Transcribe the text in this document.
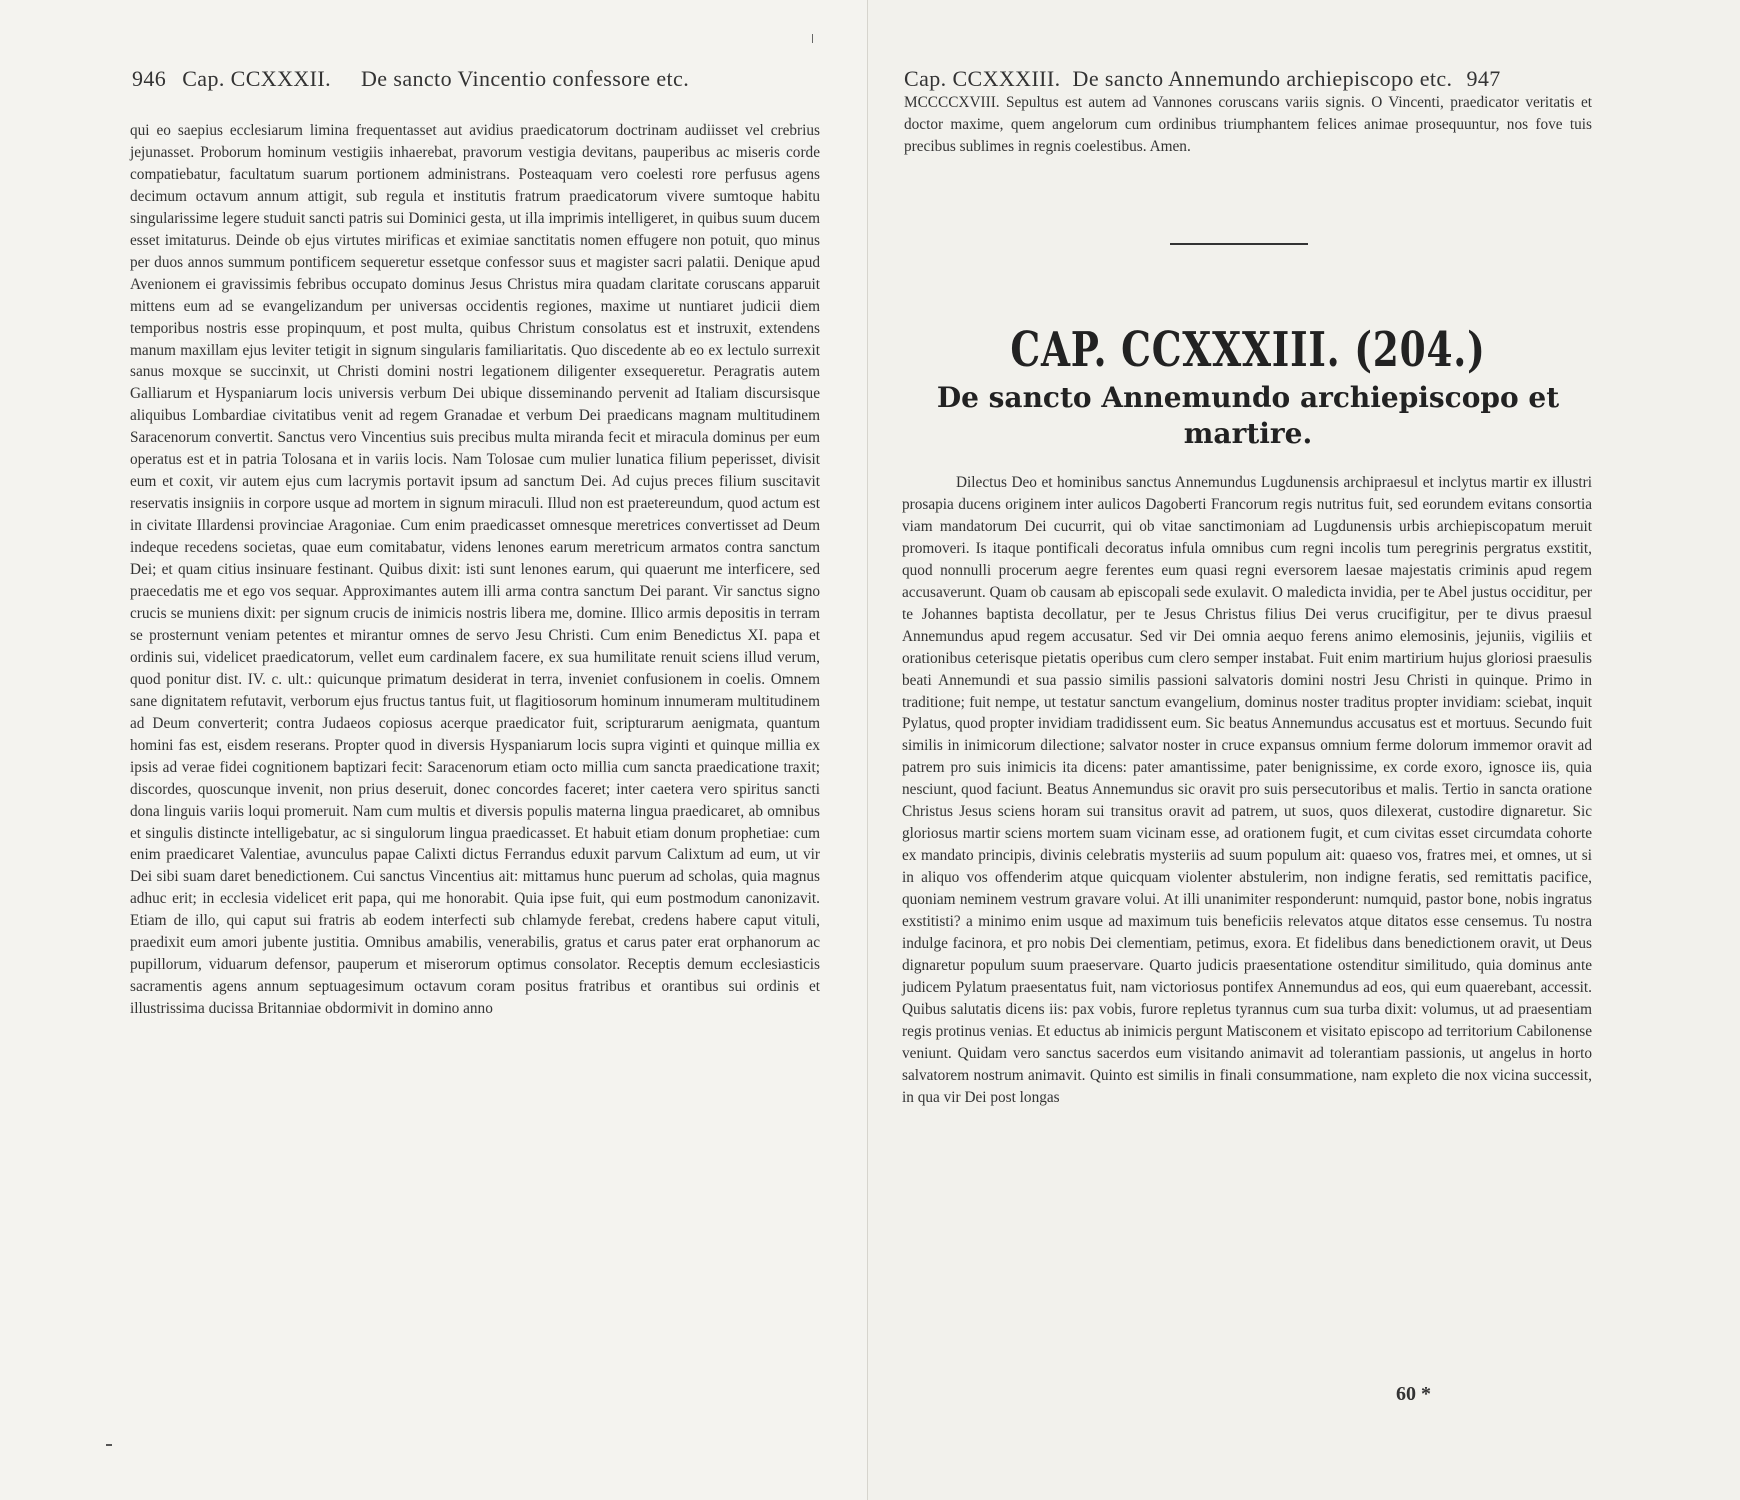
946 Cap. CCXXXII. De sancto Vincentio confessore etc.
qui eo saepius ecclesiarum limina frequentasset aut avidius praedicatorum doctrinam audiisset vel crebrius jejunasset. Proborum hominum vestigiis inhaerebat, pravorum vestigia devitans, pauperibus ac miseris corde compatiebatur, facultatum suarum portionem administrans. Posteaquam vero coelesti rore perfusus agens decimum octavum annum attigit, sub regula et institutis fratrum praedicatorum vivere sumtoque habitu singularissime legere studuit sancti patris sui Dominici gesta, ut illa imprimis intelligeret, in quibus suum ducem esset imitaturus. Deinde ob ejus virtutes mirificas et eximiae sanctitatis nomen effugere non potuit, quo minus per duos annos summum pontificem sequeretur essetque confessor suus et magister sacri palatii. Denique apud Avenionem ei gravissimis febribus occupato dominus Jesus Christus mira quadam claritate coruscans apparuit mittens eum ad se evangelizandum per universas occidentis regiones, maxime ut nuntiaret judicii diem temporibus nostris esse propinquum, et post multa, quibus Christum consolatus est et instruxit, extendens manum maxillam ejus leviter tetigit in signum singularis familiaritatis. Quo discedente ab eo ex lectulo surrexit sanus moxque se succinxit, ut Christi domini nostri legationem diligenter exsequeretur. Peragratis autem Galliarum et Hyspaniarum locis universis verbum Dei ubique disseminando pervenit ad Italiam discursisque aliquibus Lombardiae civitatibus venit ad regem Granadae et verbum Dei praedicans magnam multitudinem Saracenorum convertit. Sanctus vero Vincentius suis precibus multa miranda fecit et miracula dominus per eum operatus est et in patria Tolosana et in variis locis. Nam Tolosae cum mulier lunatica filium peperisset, divisit eum et coxit, vir autem ejus cum lacrymis portavit ipsum ad sanctum Dei. Ad cujus preces filium suscitavit reservatis insigniis in corpore usque ad mortem in signum miraculi. Illud non est praetereundum, quod actum est in civitate Illardensi provinciae Aragoniae. Cum enim praedicasset omnesque meretrices convertisset ad Deum indeque recedens societas, quae eum comitabatur, videns lenones earum meretricum armatos contra sanctum Dei; et quam citius insinuare festinant. Quibus dixit: isti sunt lenones earum, qui quaerunt me interficere, sed praecedatis me et ego vos sequar. Approximantes autem illi arma contra sanctum Dei parant. Vir sanctus signo crucis se muniens dixit: per signum crucis de inimicis nostris libera me, domine. Illico armis depositis in terram se prosternunt veniam petentes et mirantur omnes de servo Jesu Christi. Cum enim Benedictus XI. papa et ordinis sui, videlicet praedicatorum, vellet eum cardinalem facere, ex sua humilitate renuit sciens illud verum, quod ponitur dist. IV. c. ult.: quicunque primatum desiderat in terra, inveniet confusionem in coelis. Omnem sane dignitatem refutavit, verborum ejus fructus tantus fuit, ut flagitiosorum hominum innumeram multitudinem ad Deum converterit; contra Judaeos copiosus acerque praedicator fuit, scripturarum aenigmata, quantum homini fas est, eisdem reserans. Propter quod in diversis Hyspaniarum locis supra viginti et quinque millia ex ipsis ad verae fidei cognitionem baptizari fecit: Saracenorum etiam octo millia cum sancta praedicatione traxit; discordes, quoscunque invenit, non prius deseruit, donec concordes faceret; inter caetera vero spiritus sancti dona linguis variis loqui promeruit. Nam cum multis et diversis populis materna lingua praedicaret, ab omnibus et singulis distincte intelligebatur, ac si singulorum lingua praedicasset. Et habuit etiam donum prophetiae: cum enim praedicaret Valentiae, avunculus papae Calixti dictus Ferrandus eduxit parvum Calixtum ad eum, ut vir Dei sibi suam daret benedictionem. Cui sanctus Vincentius ait: mittamus hunc puerum ad scholas, quia magnus adhuc erit; in ecclesia videlicet erit papa, qui me honorabit. Quia ipse fuit, qui eum postmodum canonizavit. Etiam de illo, qui caput sui fratris ab eodem interfecti sub chlamyde ferebat, credens habere caput vituli, praedixit eum amori jubente justitia. Omnibus amabilis, venerabilis, gratus et carus pater erat orphanorum ac pupillorum, viduarum defensor, pauperum et miserorum optimus consolator. Receptis demum ecclesiasticis sacramentis agens annum septuagesimum octavum coram positus fratribus et orantibus sui ordinis et illustrissima ducissa Britanniae obdormivit in domino anno
Cap. CCXXXIII. De sancto Annemundo archiepiscopo etc. 947
MCCCCXVIII. Sepultus est autem ad Vannones coruscans variis signis. O Vincenti, praedicator veritatis et doctor maxime, quem angelorum cum ordinibus triumphantem felices animae prosequuntur, nos fove tuis precibus sublimes in regnis coelestibus. Amen.
CAP. CCXXXIII. (204.)
De sancto Annemundo archiepiscopo et martire.
Dilectus Deo et hominibus sanctus Annemundus Lugdunensis archipraesul et inclytus martir ex illustri prosapia ducens originem inter aulicos Dagoberti Francorum regis nutritus fuit, sed eorundem evitans consortia viam mandatorum Dei cucurrit, qui ob vitae sanctimoniam ad Lugdunensis urbis archiepiscopatum meruit promoveri. Is itaque pontificali decoratus infula omnibus cum regni incolis tum peregrinis pergratus exstitit, quod nonnulli procerum aegre ferentes eum quasi regni eversorem laesae majestatis criminis apud regem accusaverunt. Quam ob causam ab episcopali sede exulavit. O maledicta invidia, per te Abel justus occiditur, per te Johannes baptista decollatur, per te Jesus Christus filius Dei verus crucifigitur, per te divus praesul Annemundus apud regem accusatur. Sed vir Dei omnia aequo ferens animo elemosinis, jejuniis, vigiliis et orationibus ceterisque pietatis operibus cum clero semper instabat. Fuit enim martirium hujus gloriosi praesulis beati Annemundi et sua passio similis passioni salvatoris domini nostri Jesu Christi in quinque. Primo in traditione; fuit nempe, ut testatur sanctum evangelium, dominus noster traditus propter invidiam: sciebat, inquit Pylatus, quod propter invidiam tradidissent eum. Sic beatus Annemundus accusatus est et mortuus. Secundo fuit similis in inimicorum dilectione; salvator noster in cruce expansus omnium ferme dolorum immemor oravit ad patrem pro suis inimicis ita dicens: pater amantissime, pater benignissime, ex corde exoro, ignosce iis, quia nesciunt, quod faciunt. Beatus Annemundus sic oravit pro suis persecutoribus et malis. Tertio in sancta oratione Christus Jesus sciens horam sui transitus oravit ad patrem, ut suos, quos dilexerat, custodire dignaretur. Sic gloriosus martir sciens mortem suam vicinam esse, ad orationem fugit, et cum civitas esset circumdata cohorte ex mandato principis, divinis celebratis mysteriis ad suum populum ait: quaeso vos, fratres mei, et omnes, ut si in aliquo vos offenderim atque quicquam violenter abstulerim, non indigne feratis, sed remittatis pacifice, quoniam neminem vestrum gravare volui. At illi unanimiter responderunt: numquid, pastor bone, nobis ingratus exstitisti? a minimo enim usque ad maximum tuis beneficiis relevatos atque ditatos esse censemus. Tu nostra indulge facinora, et pro nobis Dei clementiam, petimus, exora. Et fidelibus dans benedictionem oravit, ut Deus dignaretur populum suum praeservare. Quarto judicis praesentatione ostenditur similitudo, quia dominus ante judicem Pylatum praesentatus fuit, nam victoriosus pontifex Annemundus ad eos, qui eum quaerebant, accessit. Quibus salutatis dicens iis: pax vobis, furore repletus tyrannus cum sua turba dixit: volumus, ut ad praesentiam regis protinus venias. Et eductus ab inimicis pergunt Matisconem et visitato episcopo ad territorium Cabilonense veniunt. Quidam vero sanctus sacerdos eum visitando animavit ad tolerantiam passionis, ut angelus in horto salvatorem nostrum animavit. Quinto est similis in finali consummatione, nam expleto die nox vicina successit, in qua vir Dei post longas
60 *
